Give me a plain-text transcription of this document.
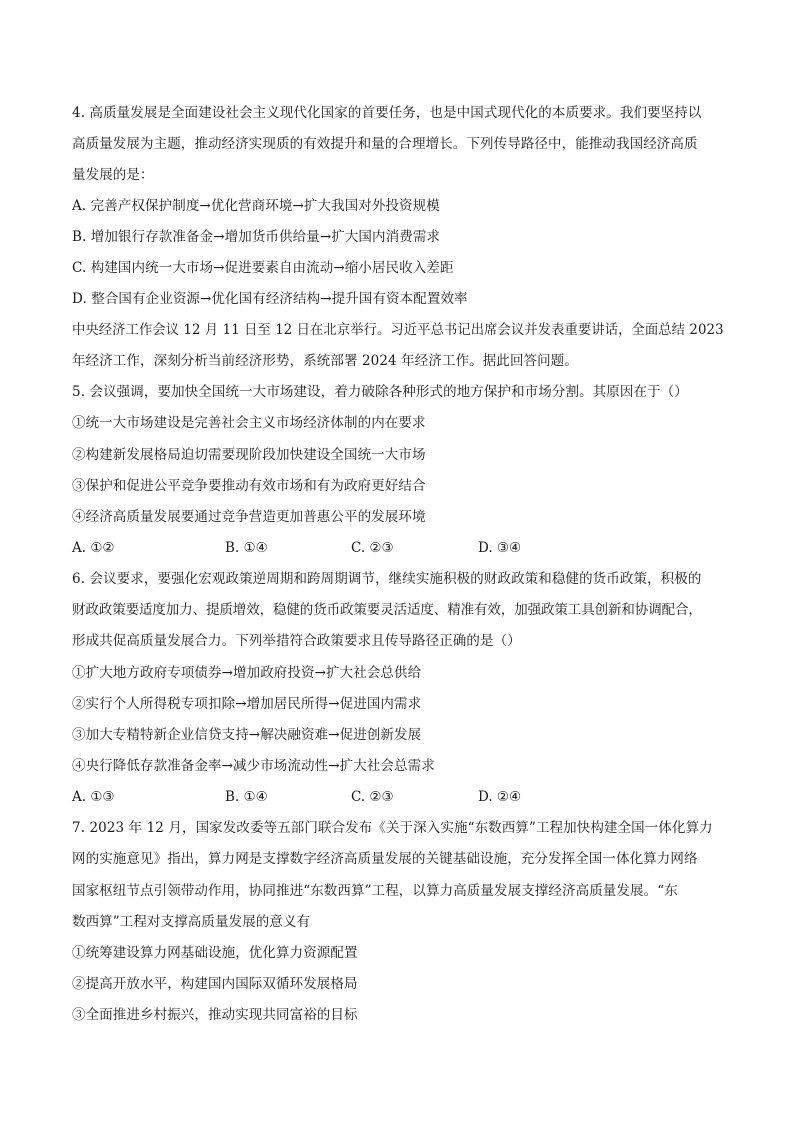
4. 高质量发展是全面建设社会主义现代化国家的首要任务，也是中国式现代化的本质要求。我们要坚持以
高质量发展为主题，推动经济实现质的有效提升和量的合理增长。下列传导路径中，能推动我国经济高质
量发展的是：
A. 完善产权保护制度→优化营商环境→扩大我国对外投资规模
B. 增加银行存款准备金→增加货币供给量→扩大国内消费需求
C. 构建国内统一大市场→促进要素自由流动→缩小居民收入差距
D. 整合国有企业资源→优化国有经济结构→提升国有资本配置效率
中央经济工作会议 12 月 11 日至 12 日在北京举行。习近平总书记出席会议并发表重要讲话，全面总结 2023
年经济工作，深刻分析当前经济形势，系统部署 2024 年经济工作。据此回答问题。
5. 会议强调，要加快全国统一大市场建设，着力破除各种形式的地方保护和市场分割。其原因在于（）
①统一大市场建设是完善社会主义市场经济体制的内在要求
②构建新发展格局迫切需要现阶段加快建设全国统一大市场
③保护和促进公平竞争要推动有效市场和有为政府更好结合
④经济高质量发展要通过竞争营造更加普惠公平的发展环境
A. ①②	B. ①④	C. ②③	D. ③④
6. 会议要求，要强化宏观政策逆周期和跨周期调节，继续实施积极的财政政策和稳健的货币政策，积极的
财政政策要适度加力、提质增效，稳健的货币政策要灵活适度、精准有效，加强政策工具创新和协调配合，
形成共促高质量发展合力。下列举措符合政策要求且传导路径正确的是（）
①扩大地方政府专项债券→增加政府投资→扩大社会总供给
②实行个人所得税专项扣除→增加居民所得→促进国内需求
③加大专精特新企业信贷支持→解决融资难→促进创新发展
④央行降低存款准备金率→减少市场流动性→扩大社会总需求
A. ①③	B. ①④	C. ②③	D. ②④
7. 2023 年 12 月，国家发改委等五部门联合发布《关于深入实施“东数西算”工程加快构建全国一体化算力
网的实施意见》指出，算力网是支撑数字经济高质量发展的关键基础设施，充分发挥全国一体化算力网络
国家枢纽节点引领带动作用，协同推进“东数西算”工程，以算力高质量发展支撑经济高质量发展。“东
数西算”工程对支撑高质量发展的意义有
①统筹建设算力网基础设施，优化算力资源配置
②提高开放水平，构建国内国际双循环发展格局
③全面推进乡村振兴，推动实现共同富裕的目标
